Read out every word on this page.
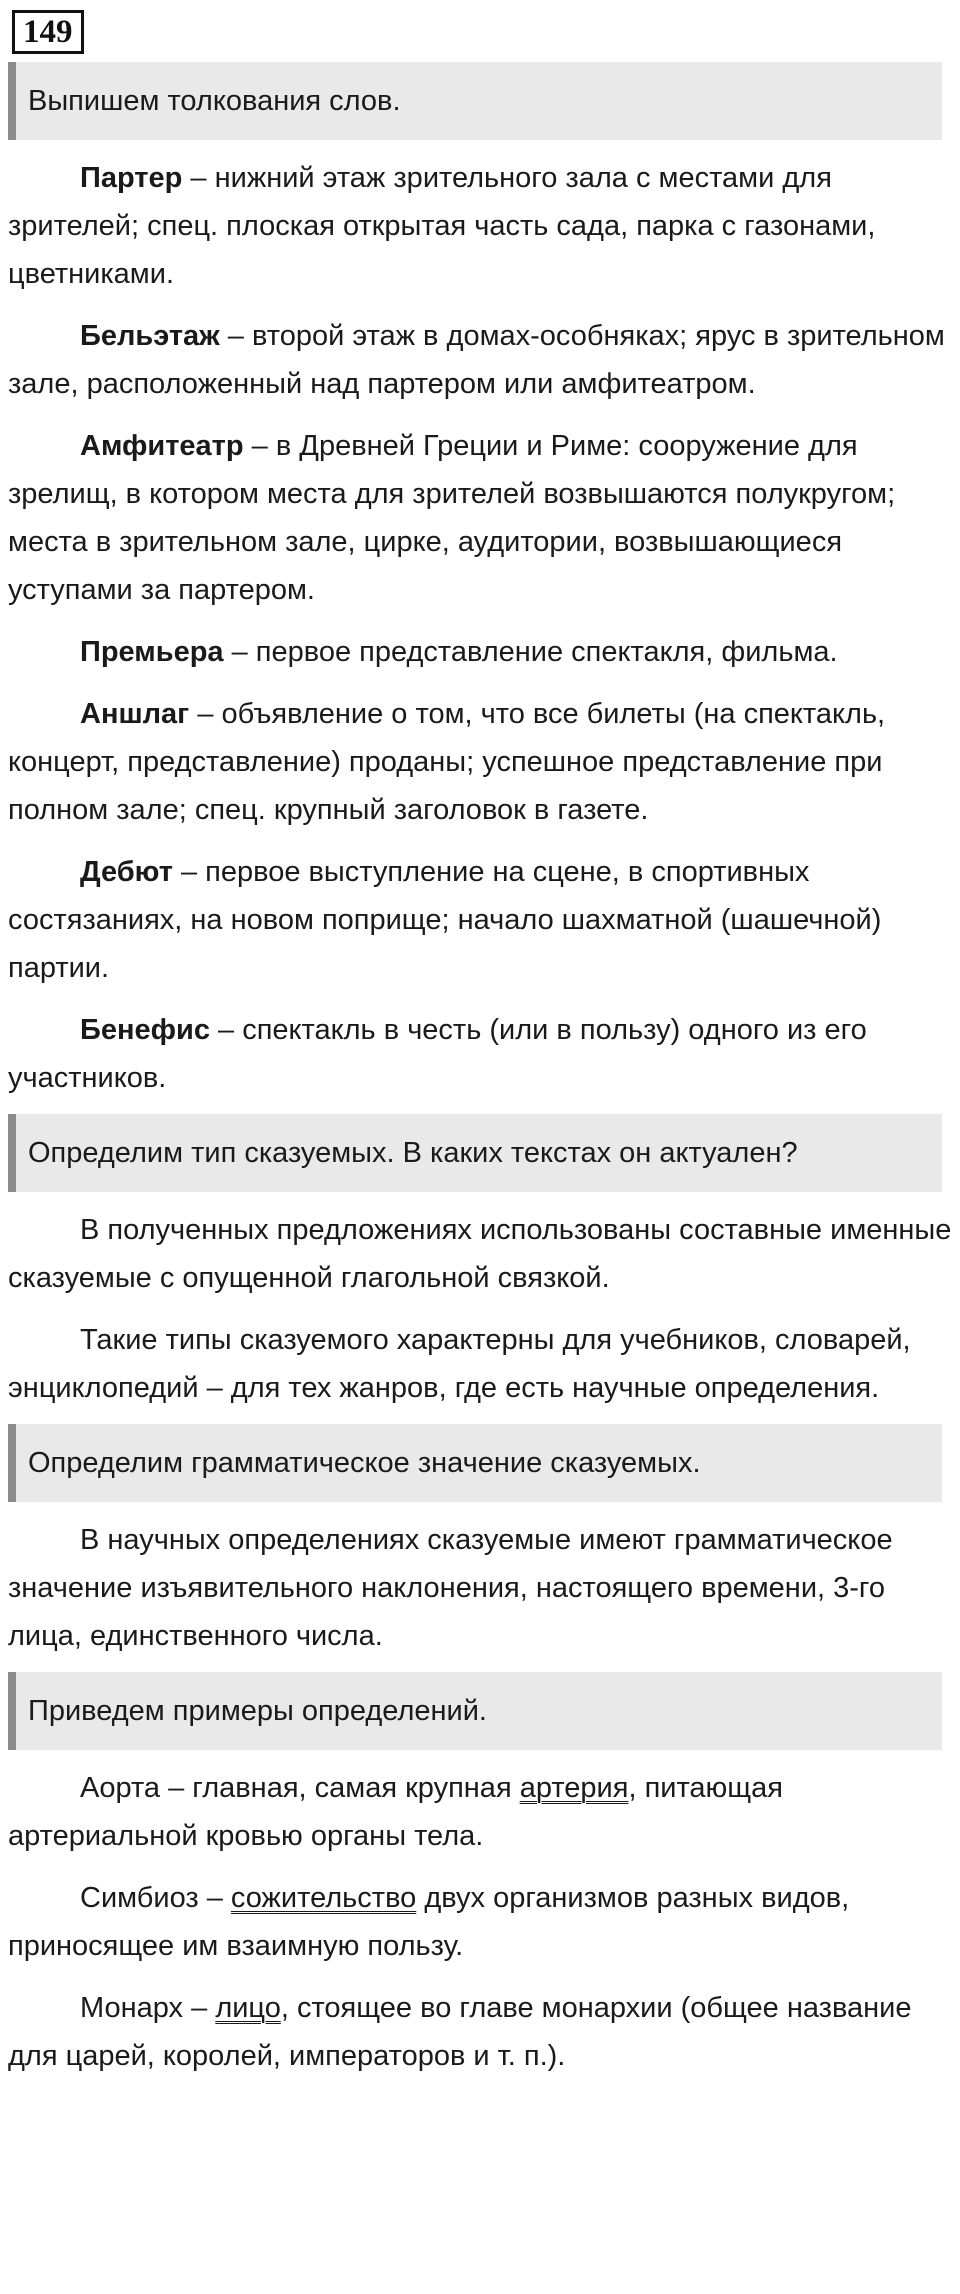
149
Выпишем толкования слов.

Партер – нижний этаж зрительного зала с местами для зрителей; спец. плоская открытая часть сада, парка с газонами, цветниками.

Бельэтаж – второй этаж в домах-особняках; ярус в зрительном зале, расположенный над партером или амфитеатром.

Амфитеатр – в Древней Греции и Риме: сооружение для зрелищ, в котором места для зрителей возвышаются полукругом; места в зрительном зале, цирке, аудитории, возвышающиеся уступами за партером.

Премьера – первое представление спектакля, фильма.

Аншлаг – объявление о том, что все билеты (на спектакль, концерт, представление) проданы; успешное представление при полном зале; спец. крупный заголовок в газете.

Дебют – первое выступление на сцене, в спортивных состязаниях, на новом поприще; начало шахматной (шашечной) партии.

Бенефис – спектакль в честь (или в пользу) одного из его участников.

Определим тип сказуемых. В каких текстах он актуален?

В полученных предложениях использованы составные именные сказуемые с опущенной глагольной связкой.

Такие типы сказуемого характерны для учебников, словарей, энциклопедий – для тех жанров, где есть научные определения.

Определим грамматическое значение сказуемых.

В научных определениях сказуемые имеют грамматическое значение изъявительного наклонения, настоящего времени, 3-го лица, единственного числа.

Приведем примеры определений.

Аорта – главная, самая крупная артерия, питающая артериальной кровью органы тела.

Симбиоз – сожительство двух организмов разных видов, приносящее им взаимную пользу.

Монарх – лицо, стоящее во главе монархии (общее название для царей, королей, императоров и т. п.).
